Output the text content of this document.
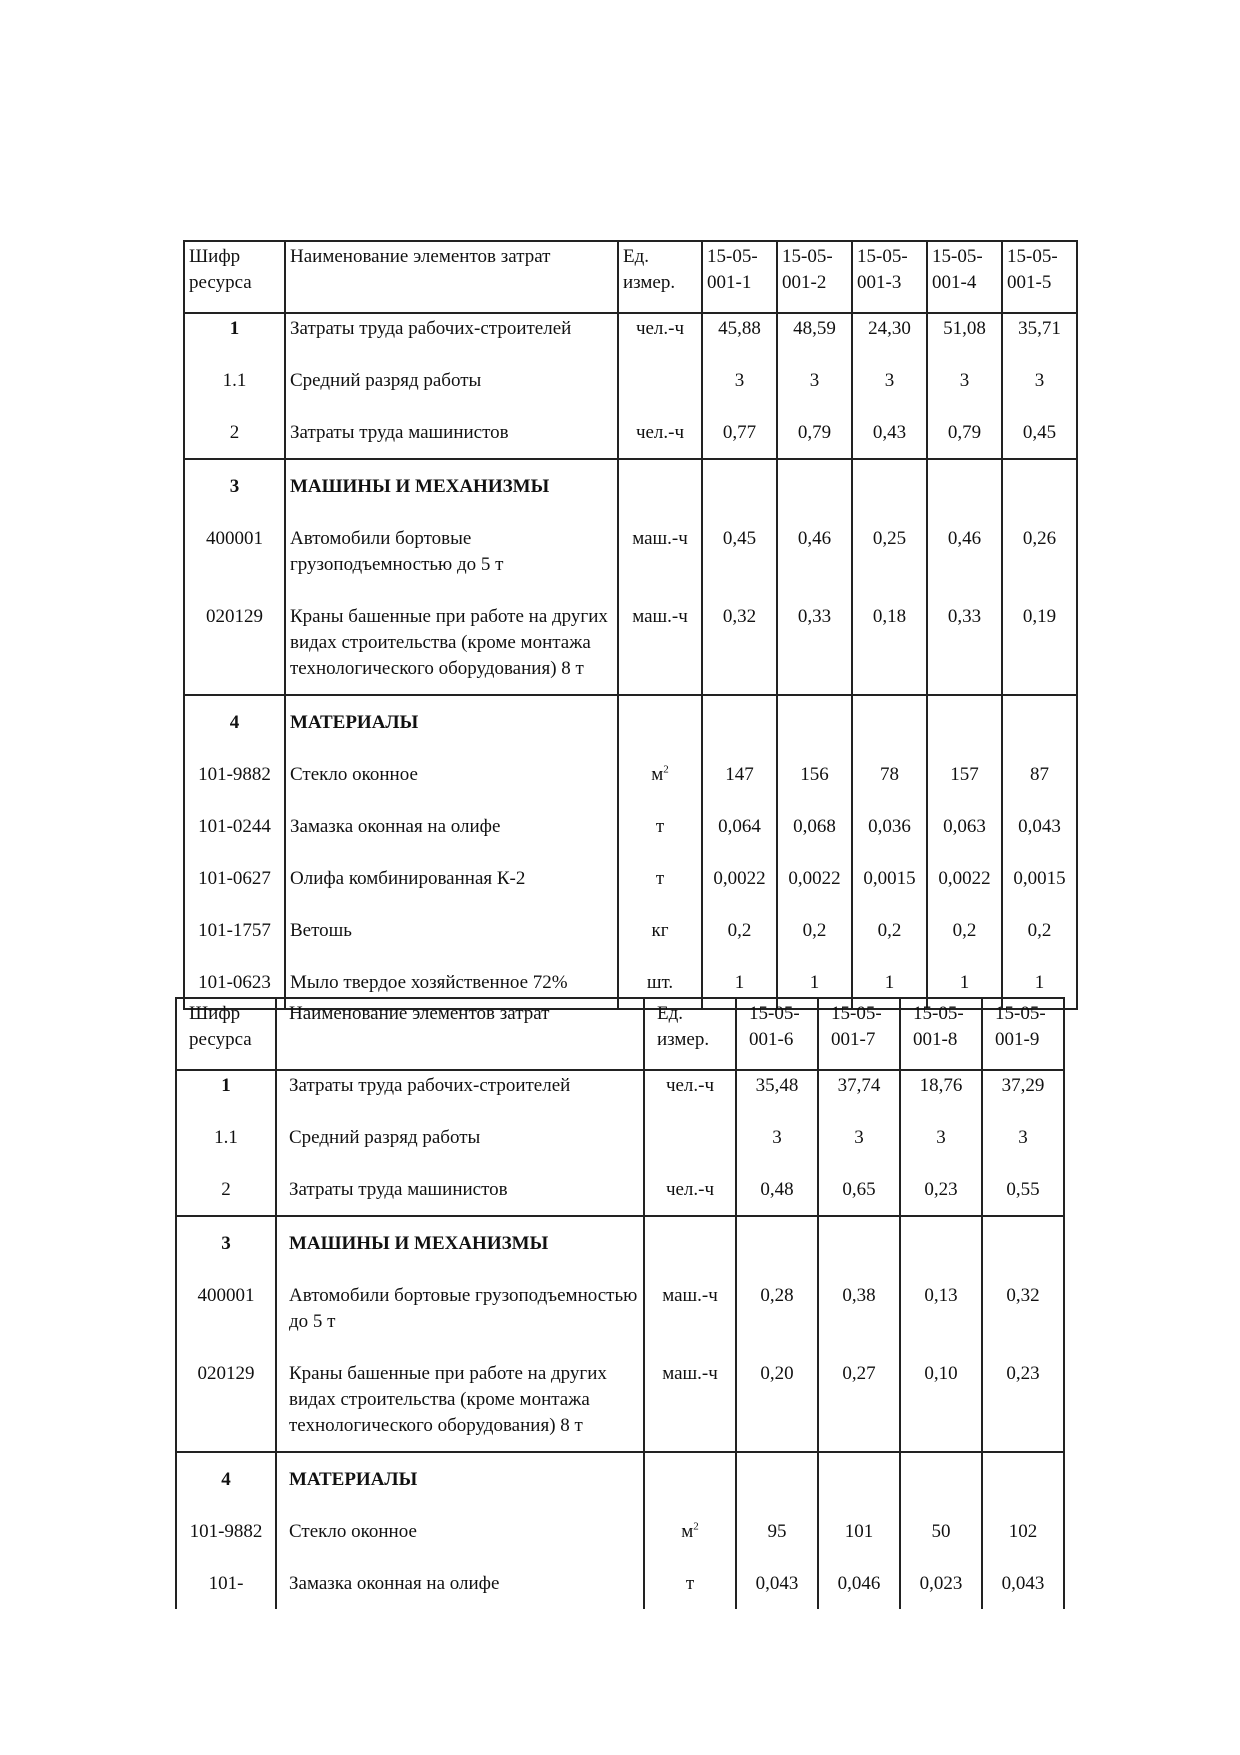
Шифр ресурса	Наименование элементов затрат	Ед. измер.	15-05-001-1	15-05-001-2	15-05-001-3	15-05-001-4	15-05-001-5
1	Затраты труда рабочих-строителей	чел.-ч	45,88	48,59	24,30	51,08	35,71
1.1	Средний разряд работы		3	3	3	3	3
2	Затраты труда машинистов	чел.-ч	0,77	0,79	0,43	0,79	0,45
3	МАШИНЫ И МЕХАНИЗМЫ						
400001	Автомобили бортовые грузоподъемностью до 5 т	маш.-ч	0,45	0,46	0,25	0,46	0,26
020129	Краны башенные при работе на других видах строительства (кроме монтажа технологического оборудования) 8 т	маш.-ч	0,32	0,33	0,18	0,33	0,19
4	МАТЕРИАЛЫ						
101-9882	Стекло оконное	$м^2$	147	156	78	157	87
101-0244	Замазка оконная на олифе	т	0,064	0,068	0,036	0,063	0,043
101-0627	Олифа комбинированная К-2	т	0,0022	0,0022	0,0015	0,0022	0,0015
101-1757	Ветошь	кг	0,2	0,2	0,2	0,2	0,2
101-0623	Мыло твердое хозяйственное 72%	шт.	1	1	1	1	1
Шифр ресурса	Наименование элементов затрат	Ед. измер.	15-05-001-6	15-05-001-7	15-05-001-8	15-05-001-9
1	Затраты труда рабочих-строителей	чел.-ч	35,48	37,74	18,76	37,29
1.1	Средний разряд работы		3	3	3	3
2	Затраты труда машинистов	чел.-ч	0,48	0,65	0,23	0,55
3	МАШИНЫ И МЕХАНИЗМЫ					
400001	Автомобили бортовые грузоподъемностью до 5 т	маш.-ч	0,28	0,38	0,13	0,32
020129	Краны башенные при работе на других видах строительства (кроме монтажа технологического оборудования) 8 т	маш.-ч	0,20	0,27	0,10	0,23
4	МАТЕРИАЛЫ					
101-9882	Стекло оконное	$м^2$	95	101	50	102
101-	Замазка оконная на олифе	т	0,043	0,046	0,023	0,043
